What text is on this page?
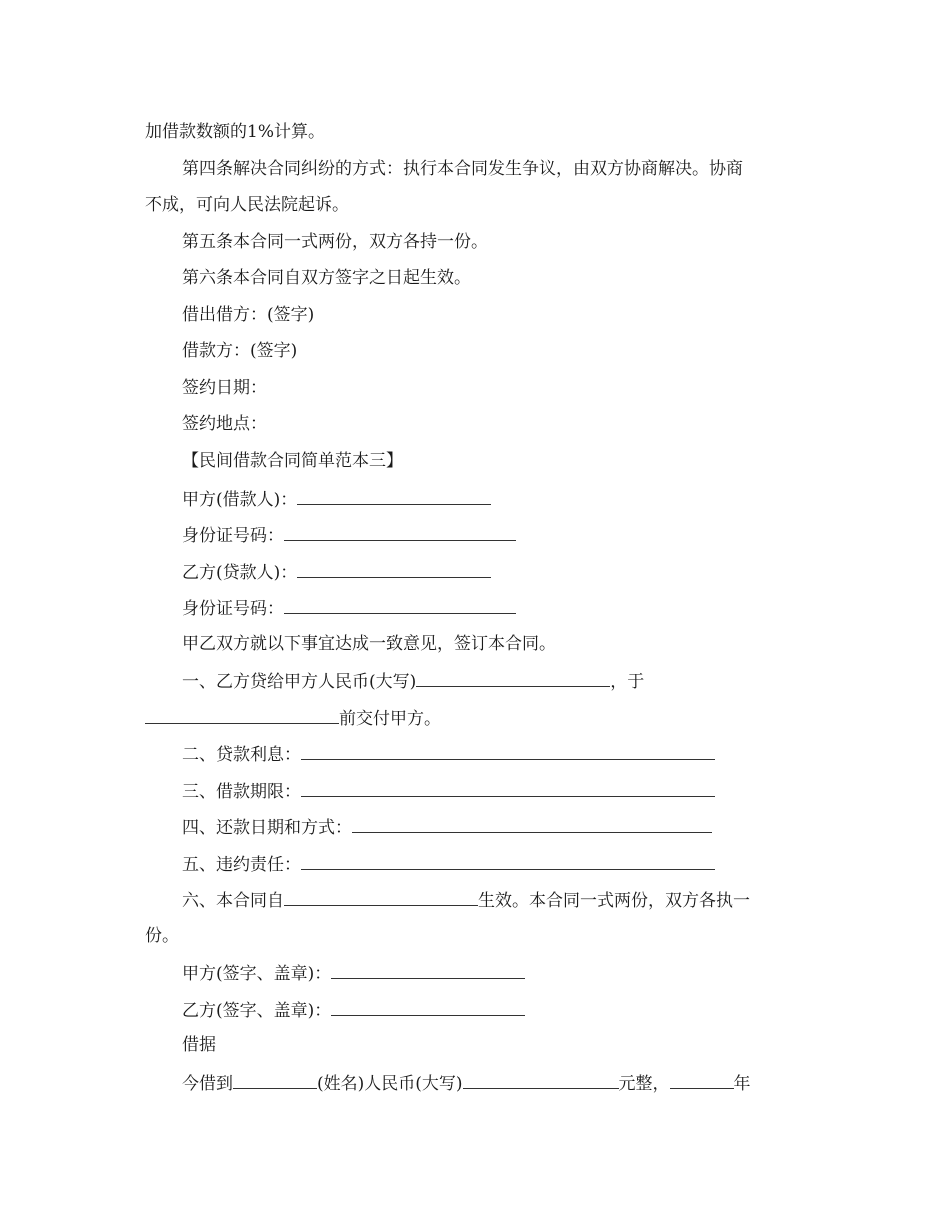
加借款数额的1%计算。
第四条解决合同纠纷的方式：执行本合同发生争议，由双方协商解决。协商
不成，可向人民法院起诉。
第五条本合同一式两份，双方各持一份。
第六条本合同自双方签字之日起生效。
借出借方：(签字)
借款方：(签字)
签约日期：
签约地点：
【民间借款合同简单范本三】
甲方(借款人)：
身份证号码：
乙方(贷款人)：
身份证号码：
甲乙双方就以下事宜达成一致意见，签订本合同。
一、乙方贷给甲方人民币(大写)	，于
前交付甲方。
二、贷款利息：
三、借款期限：
四、还款日期和方式：
五、违约责任：
六、本合同自	生效。本合同一式两份，双方各执一
份。
甲方(签字、盖章)：
乙方(签字、盖章)：
借据
今借到	(姓名)人民币(大写)	元整，	年
